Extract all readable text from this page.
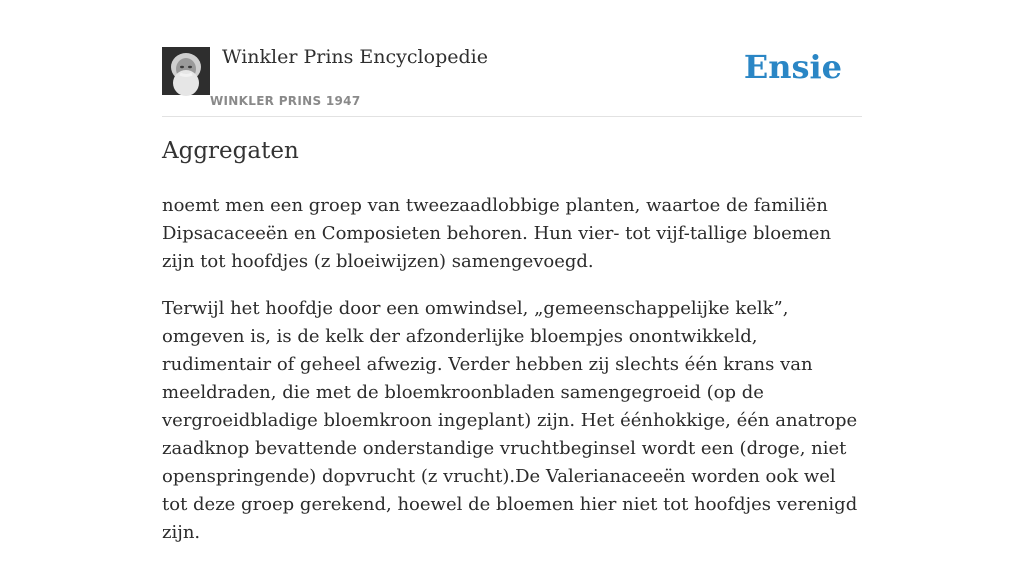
Winkler Prins Encyclopedie
WINKLER PRINS 1947
Ensie
Aggregaten

noemt men een groep van tweezaadlobbige planten, waartoe de familiën Dipsacaceeën en Composieten behoren. Hun vier- tot vijf-tallige bloemen zijn tot hoofdjes (z bloeiwijzen) samengevoegd.

Terwijl het hoofdje door een omwindsel, „gemeenschappelijke kelk”, omgeven is, is de kelk der afzonderlijke bloempjes onontwikkeld, rudimentair of geheel afwezig. Verder hebben zij slechts één krans van meeldraden, die met de bloemkroonbladen samengegroeid (op de vergroeidbladige bloemkroon ingeplant) zijn. Het éénhokkige, één anatrope zaadknop bevattende onderstandige vruchtbeginsel wordt een (droge, niet openspringende) dopvrucht (z vrucht).De Valerianaceeën worden ook wel tot deze groep gerekend, hoewel de bloemen hier niet tot hoofdjes verenigd zijn.
